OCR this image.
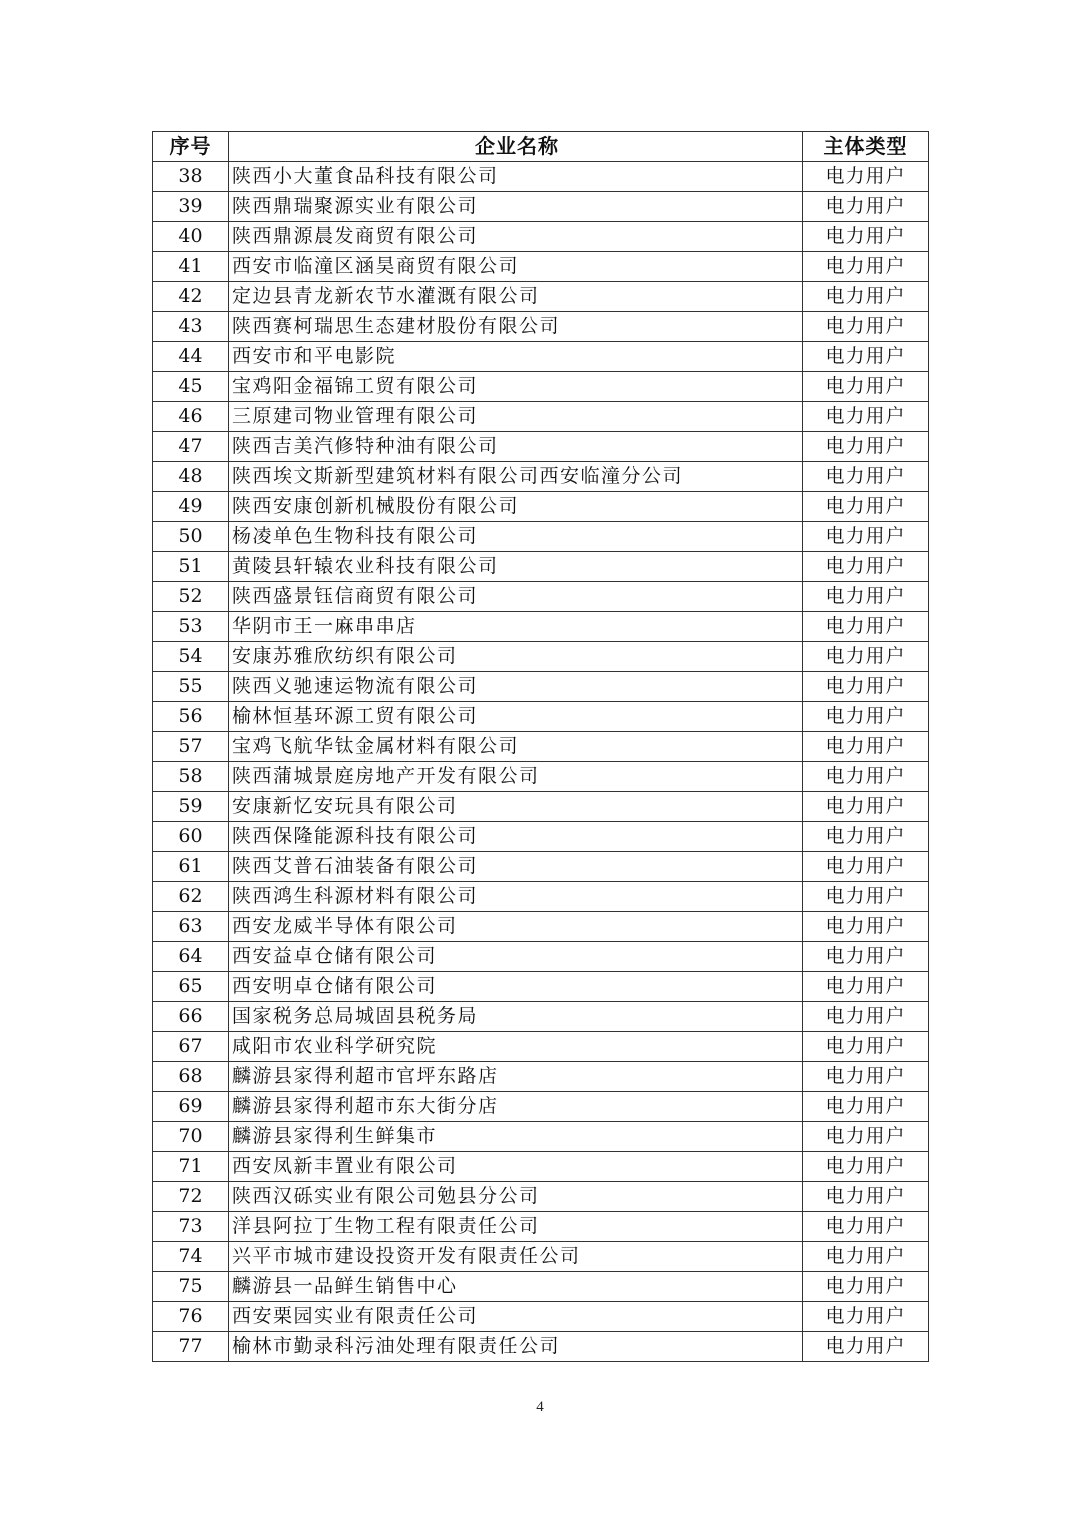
序号	企业名称	主体类型
38	陕西小大董食品科技有限公司	电力用户
39	陕西鼎瑞聚源实业有限公司	电力用户
40	陕西鼎源晨发商贸有限公司	电力用户
41	西安市临潼区涵昊商贸有限公司	电力用户
42	定边县青龙新农节水灌溉有限公司	电力用户
43	陕西赛柯瑞思生态建材股份有限公司	电力用户
44	西安市和平电影院	电力用户
45	宝鸡阳金福锦工贸有限公司	电力用户
46	三原建司物业管理有限公司	电力用户
47	陕西吉美汽修特种油有限公司	电力用户
48	陕西埃文斯新型建筑材料有限公司西安临潼分公司	电力用户
49	陕西安康创新机械股份有限公司	电力用户
50	杨凌单色生物科技有限公司	电力用户
51	黄陵县轩辕农业科技有限公司	电力用户
52	陕西盛景钰信商贸有限公司	电力用户
53	华阴市王一麻串串店	电力用户
54	安康苏雅欣纺织有限公司	电力用户
55	陕西义驰速运物流有限公司	电力用户
56	榆林恒基环源工贸有限公司	电力用户
57	宝鸡飞航华钛金属材料有限公司	电力用户
58	陕西蒲城景庭房地产开发有限公司	电力用户
59	安康新忆安玩具有限公司	电力用户
60	陕西保隆能源科技有限公司	电力用户
61	陕西艾普石油装备有限公司	电力用户
62	陕西鸿生科源材料有限公司	电力用户
63	西安龙威半导体有限公司	电力用户
64	西安益卓仓储有限公司	电力用户
65	西安明卓仓储有限公司	电力用户
66	国家税务总局城固县税务局	电力用户
67	咸阳市农业科学研究院	电力用户
68	麟游县家得利超市官坪东路店	电力用户
69	麟游县家得利超市东大街分店	电力用户
70	麟游县家得利生鲜集市	电力用户
71	西安凤新丰置业有限公司	电力用户
72	陕西汉砾实业有限公司勉县分公司	电力用户
73	洋县阿拉丁生物工程有限责任公司	电力用户
74	兴平市城市建设投资开发有限责任公司	电力用户
75	麟游县一品鲜生销售中心	电力用户
76	西安栗园实业有限责任公司	电力用户
77	榆林市勤录科污油处理有限责任公司	电力用户
4
